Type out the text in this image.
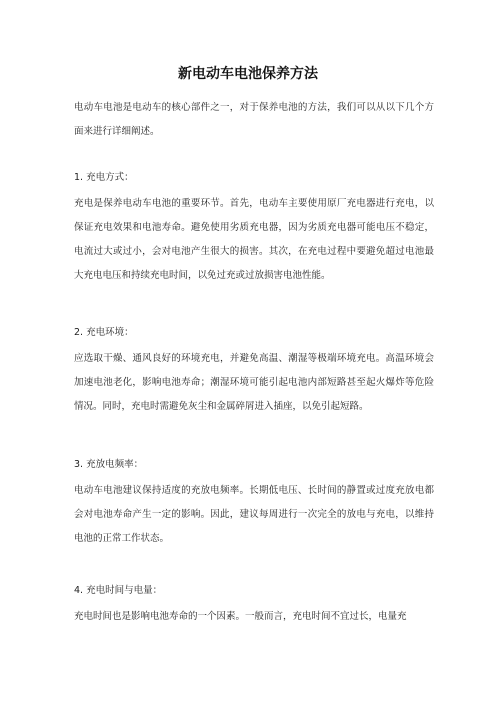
新电动车电池保养方法

电动车电池是电动车的核心部件之一，对于保养电池的方法，我们可以从以下几个方面来进行详细阐述。

1. 充电方式：

充电是保养电动车电池的重要环节。首先，电动车主要使用原厂充电器进行充电，以保证充电效果和电池寿命。避免使用劣质充电器，因为劣质充电器可能电压不稳定，电流过大或过小，会对电池产生很大的损害。其次，在充电过程中要避免超过电池最大充电电压和持续充电时间，以免过充或过放损害电池性能。

2. 充电环境：

应选取干燥、通风良好的环境充电，并避免高温、潮湿等极端环境充电。高温环境会加速电池老化，影响电池寿命；潮湿环境可能引起电池内部短路甚至起火爆炸等危险情况。同时，充电时需避免灰尘和金属碎屑进入插座，以免引起短路。

3. 充放电频率：

电动车电池建议保持适度的充放电频率。长期低电压、长时间的静置或过度充放电都会对电池寿命产生一定的影响。因此，建议每周进行一次完全的放电与充电，以维持电池的正常工作状态。

4. 充电时间与电量：

充电时间也是影响电池寿命的一个因素。一般而言，充电时间不宜过长，电量充
